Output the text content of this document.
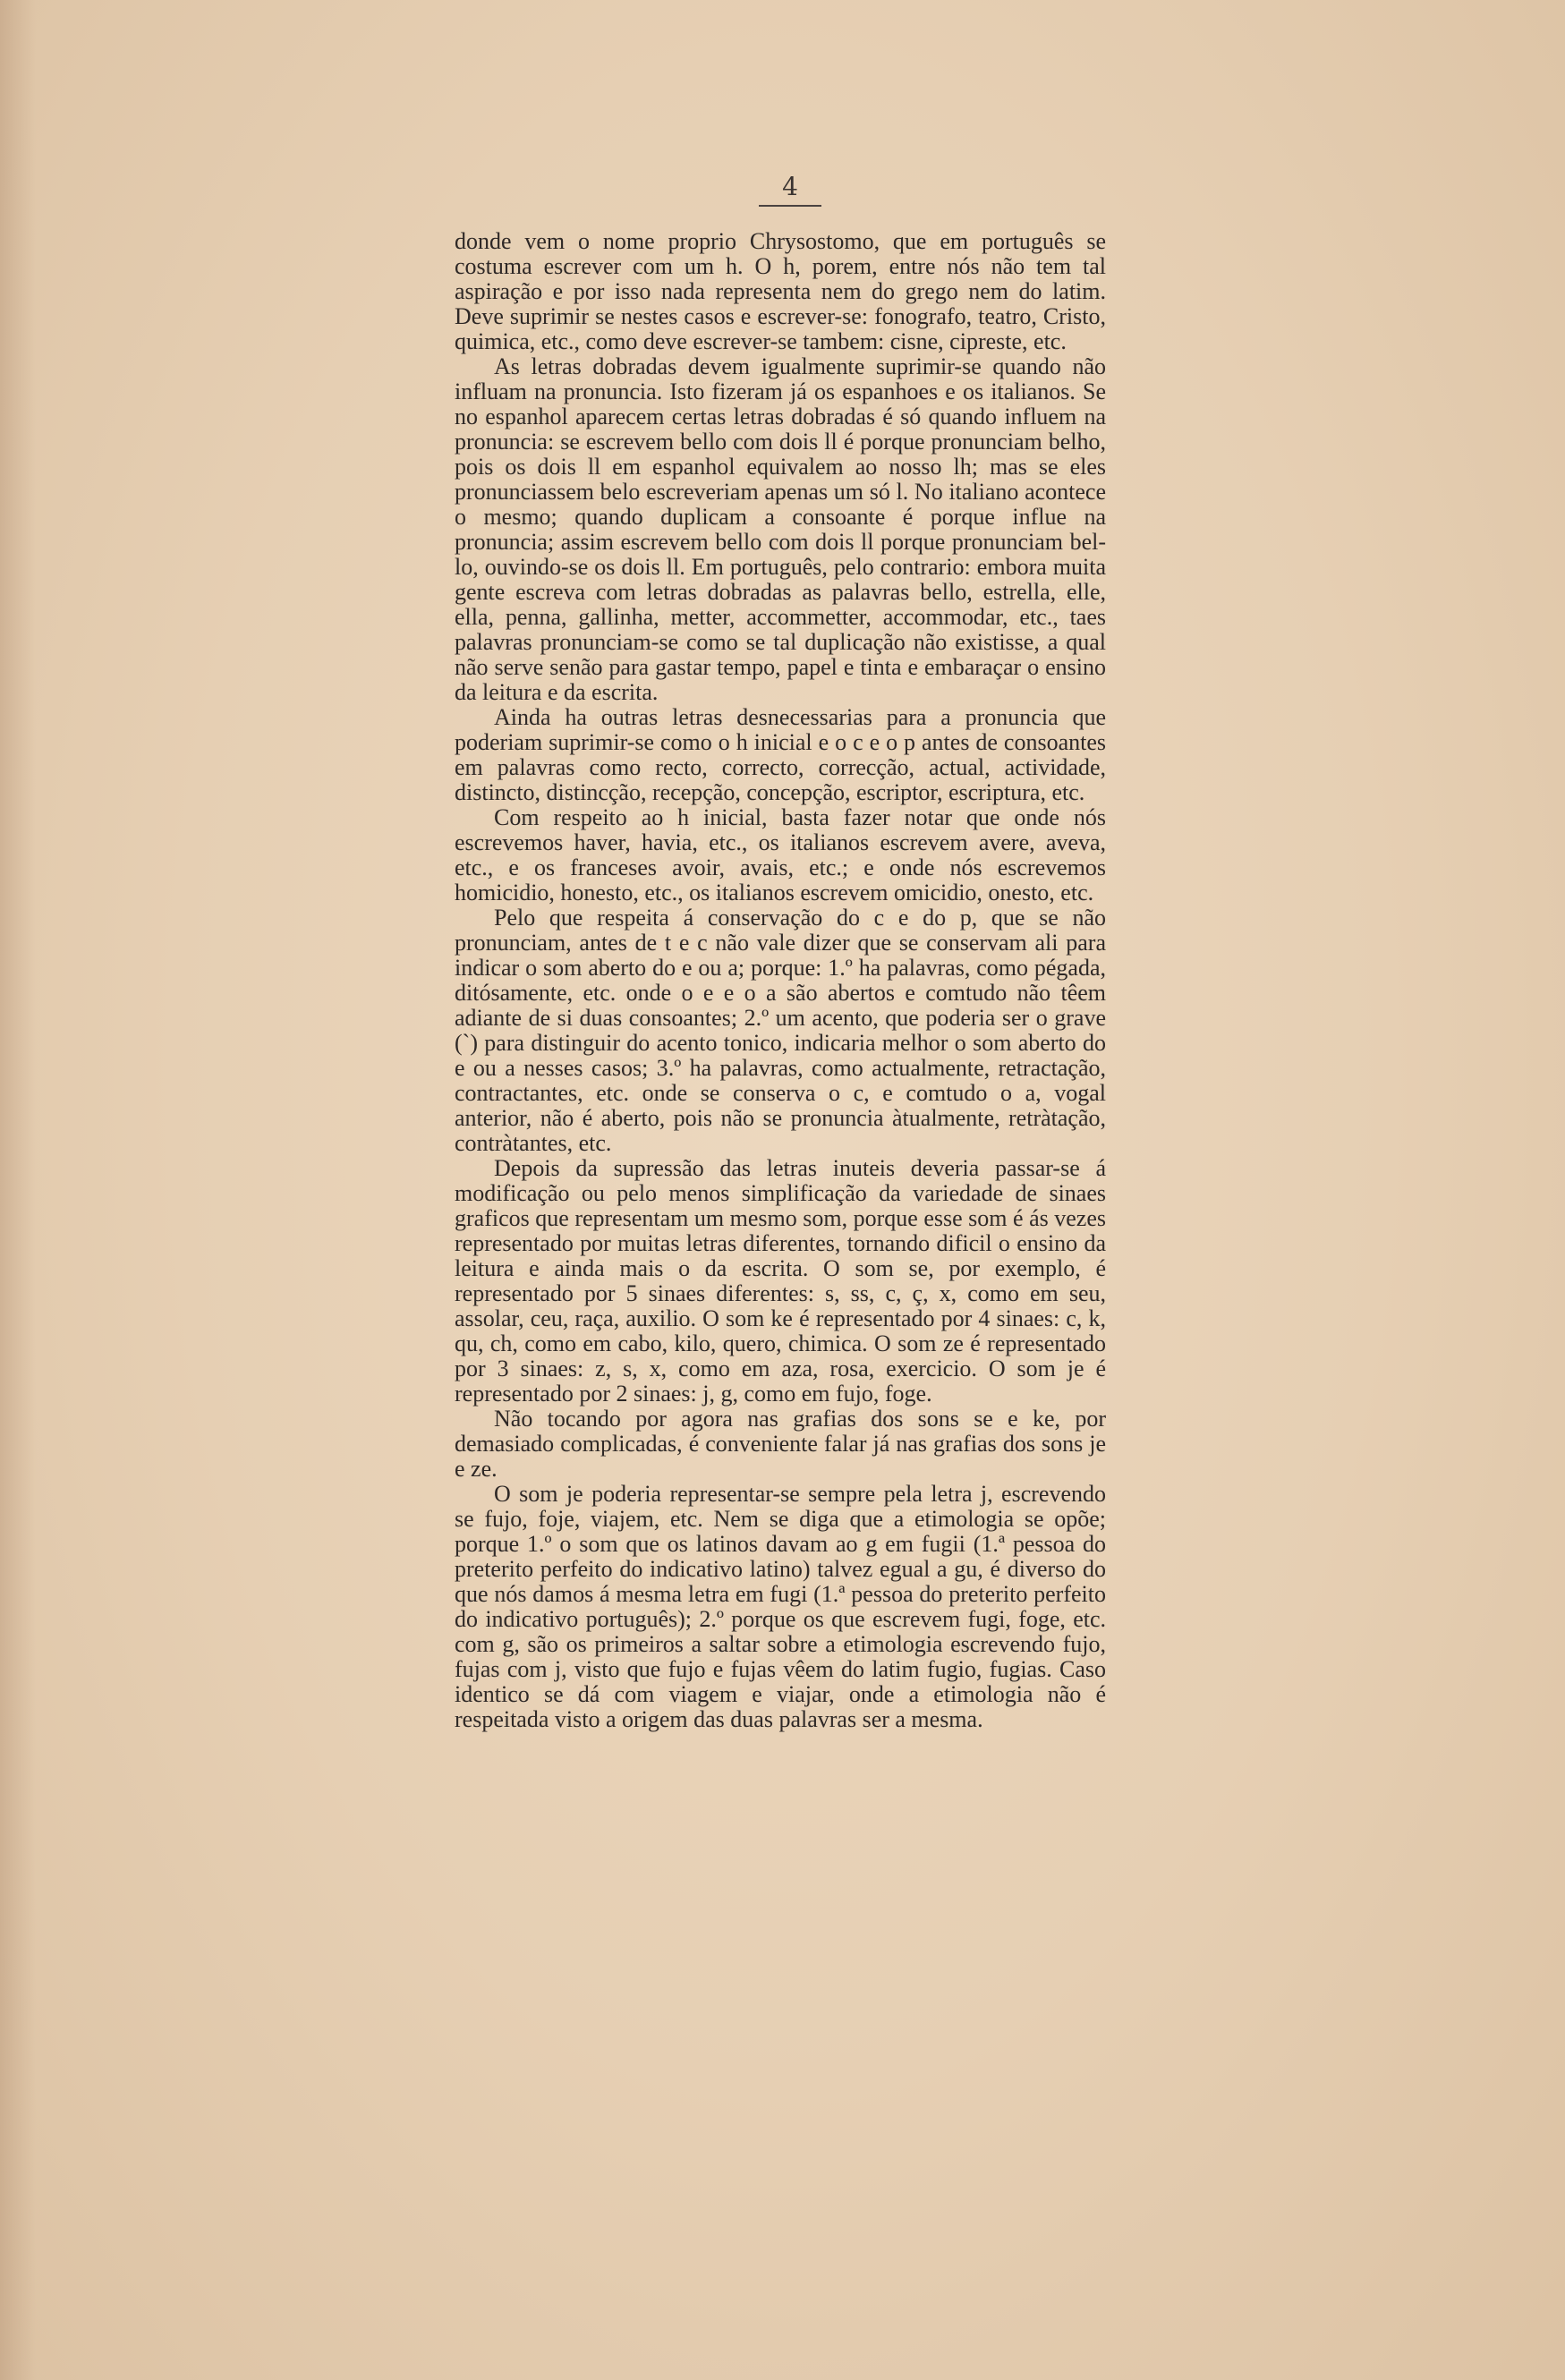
4

donde vem o nome proprio Chrysostomo, que em português se costuma escrever com um h. O h, porem, entre nós não tem tal aspiração e por isso nada representa nem do grego nem do latim. Deve suprimir se nestes casos e escrever-se: fonografo, teatro, Cristo, quimica, etc., como deve escrever-se tambem: cisne, cipreste, etc.

As letras dobradas devem igualmente suprimir-se quando não influam na pronuncia. Isto fizeram já os espanhoes e os italianos. Se no espanhol aparecem certas letras dobradas é só quando influem na pronuncia: se escrevem bello com dois ll é porque pronunciam belho, pois os dois ll em espanhol equivalem ao nosso lh; mas se eles pronunciassem belo escreveriam apenas um só l. No italiano acontece o mesmo; quando duplicam a consoante é porque influe na pronuncia; assim escrevem bello com dois ll porque pronunciam bel-lo, ouvindo-se os dois ll. Em português, pelo contrario: embora muita gente escreva com letras dobradas as palavras bello, estrella, elle, ella, penna, gallinha, metter, accommetter, accommodar, etc., taes palavras pronunciam-se como se tal duplicação não existisse, a qual não serve senão para gastar tempo, papel e tinta e embaraçar o ensino da leitura e da escrita.

Ainda ha outras letras desnecessarias para a pronuncia que poderiam suprimir-se como o h inicial e o c e o p antes de consoantes em palavras como recto, correcto, correcção, actual, actividade, distincto, distincção, recepção, concepção, escriptor, escriptura, etc.

Com respeito ao h inicial, basta fazer notar que onde nós escrevemos haver, havia, etc., os italianos escrevem avere, aveva, etc., e os franceses avoir, avais, etc.; e onde nós escrevemos homicidio, honesto, etc., os italianos escrevem omicidio, onesto, etc.

Pelo que respeita á conservação do c e do p, que se não pronunciam, antes de t e c não vale dizer que se conservam ali para indicar o som aberto do e ou a; porque: 1.º ha palavras, como pégada, ditósamente, etc. onde o e e o a são abertos e comtudo não têem adiante de si duas consoantes; 2.º um acento, que poderia ser o grave (`) para distinguir do acento tonico, indicaria melhor o som aberto do e ou a nesses casos; 3.º ha palavras, como actualmente, retractação, contractantes, etc. onde se conserva o c, e comtudo o a, vogal anterior, não é aberto, pois não se pronuncia àtualmente, retràtação, contràtantes, etc.

Depois da supressão das letras inuteis deveria passar-se á modificação ou pelo menos simplificação da variedade de sinaes graficos que representam um mesmo som, porque esse som é ás vezes representado por muitas letras diferentes, tornando dificil o ensino da leitura e ainda mais o da escrita. O som se, por exemplo, é representado por 5 sinaes diferentes: s, ss, c, ç, x, como em seu, assolar, ceu, raça, auxilio. O som ke é representado por 4 sinaes: c, k, qu, ch, como em cabo, kilo, quero, chimica. O som ze é representado por 3 sinaes: z, s, x, como em aza, rosa, exercicio. O som je é representado por 2 sinaes: j, g, como em fujo, foge.

Não tocando por agora nas grafias dos sons se e ke, por demasiado complicadas, é conveniente falar já nas grafias dos sons je e ze.

O som je poderia representar-se sempre pela letra j, escrevendo se fujo, foje, viajem, etc. Nem se diga que a etimologia se opõe; porque 1.º o som que os latinos davam ao g em fugii (1.ª pessoa do preterito perfeito do indicativo latino) talvez egual a gu, é diverso do que nós damos á mesma letra em fugi (1.ª pessoa do preterito perfeito do indicativo português); 2.º porque os que escrevem fugi, foge, etc. com g, são os primeiros a saltar sobre a etimologia escrevendo fujo, fujas com j, visto que fujo e fujas vêem do latim fugio, fugias. Caso identico se dá com viagem e viajar, onde a etimologia não é respeitada visto a origem das duas palavras ser a mesma.
